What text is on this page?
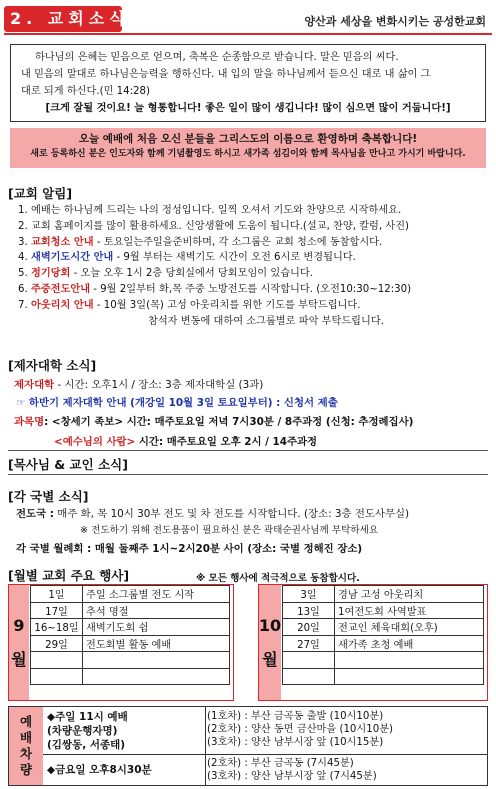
2. 교회소식	양산과 세상을 변화시키는 공성한교회
하나님의 은혜는 믿음으로 얻으며, 축복은 순종함으로 받습니다. 말은 믿음의 씨다.
내 믿음의 말대로 하나님은능력을 행하신다. 내 입의 말을 하나님께서 듣으신 대로 내 삶이 그
대로 되게 하신다.(민 14:28)
[크게 잘될 것이요! 늘 형통합니다! 좋은 일이 많이 생깁니다! 많이 심으면 많이 거둡니다!]
오늘 예배에 처음 오신 분들을 그리스도의 이름으로 환영하며 축복합니다!
새로 등록하신 분은 인도자와 함께 기념촬영도 하시고 새가족 섬김이와 함께 목사님을 만나고 가시기 바랍니다.
[교회 알림]
1. 예배는 하나님께 드리는 나의 정성입니다. 일찍 오셔서 기도와 찬양으로 시작하세요.
2. 교회 홈페이지를 많이 활용하세요. 신앙생활에 도움이 됩니다.(설교, 찬양, 칼럼, 사진)
3. 교회청소 안내 - 토요일는주일을준비하며, 각 소그룹은 교회 청소에 동참합시다.
4. 새벽기도시간 안내 - 9월 부터는 새벽기도 시간이 오전 6시로 변경됩니다.
5. 정기당회 - 오늘 오후 1시 2층 당회실에서 당회모임이 있습니다.
6. 주중전도안내 - 9월 2일부터 화,목 주중 노방전도를 시작합니다. (오전10:30~12:30)
7. 아웃리치 안내 - 10월 3일(목) 고성 아웃리치를 위한 기도를 부탁드립니다.
참석자 변동에 대하여 소그룹별로 파악 부탁드립니다.
[제자대학 소식]
제자대학 - 시간: 오후1시 / 장소: 3층 제자대학실 (3과)
☞ 하반기 제자대학 안내 (개강일 10월 3일 토요일부터) : 신청서 제출
과목명: <창세기 족보> 시간: 매주토요일 저녁 7시30분 / 8주과정 (신청: 추정례집사)
<예수님의 사람> 시간: 매주토요일 오후 2시 / 14주과정
[목사님 & 교인 소식]
[각 국별 소식]
전도국 : 매주 화, 목 10시 30부 전도 및 차 전도를 시작합니다. (장소: 3층 전도사무실)
※ 전도하기 위해 전도용품이 필요하신 분은 곽태순권사님께 부탁하세요
각 국별 월례회 : 매월 둘째주 1시~2시20분 사이 (장소: 국별 정해진 장소)
[월별 교회 주요 행사]	※ 모든 행사에 적극적으로 동참합시다.
9
월
1일	주일 소그룹별 전도 시작
17일	추석 명절
16~18일	새벽기도회 쉼
29일	전도회별 활동 예배

10
월
3일	경남 고성 아웃리치
13일	1여전도회 사역발표
20일	전교인 체육대회(오후)
27일	새가족 초청 예배

예
배
차
량
◆주일 11시 예배
(차량운행자명)
(김쌍동, 서종태)
(1호차) : 부산 금곡동 출발 (10시10분)
(2호차) : 양산 동면 금산마을 (10시10분)
(3호차) : 양산 남부시장 앞 (10시15분)
◆금요일 오후8시30분
(2호차) : 부산 금곡동 (7시45분)
(3호차) : 양산 남부시장 앞 (7시45분)
